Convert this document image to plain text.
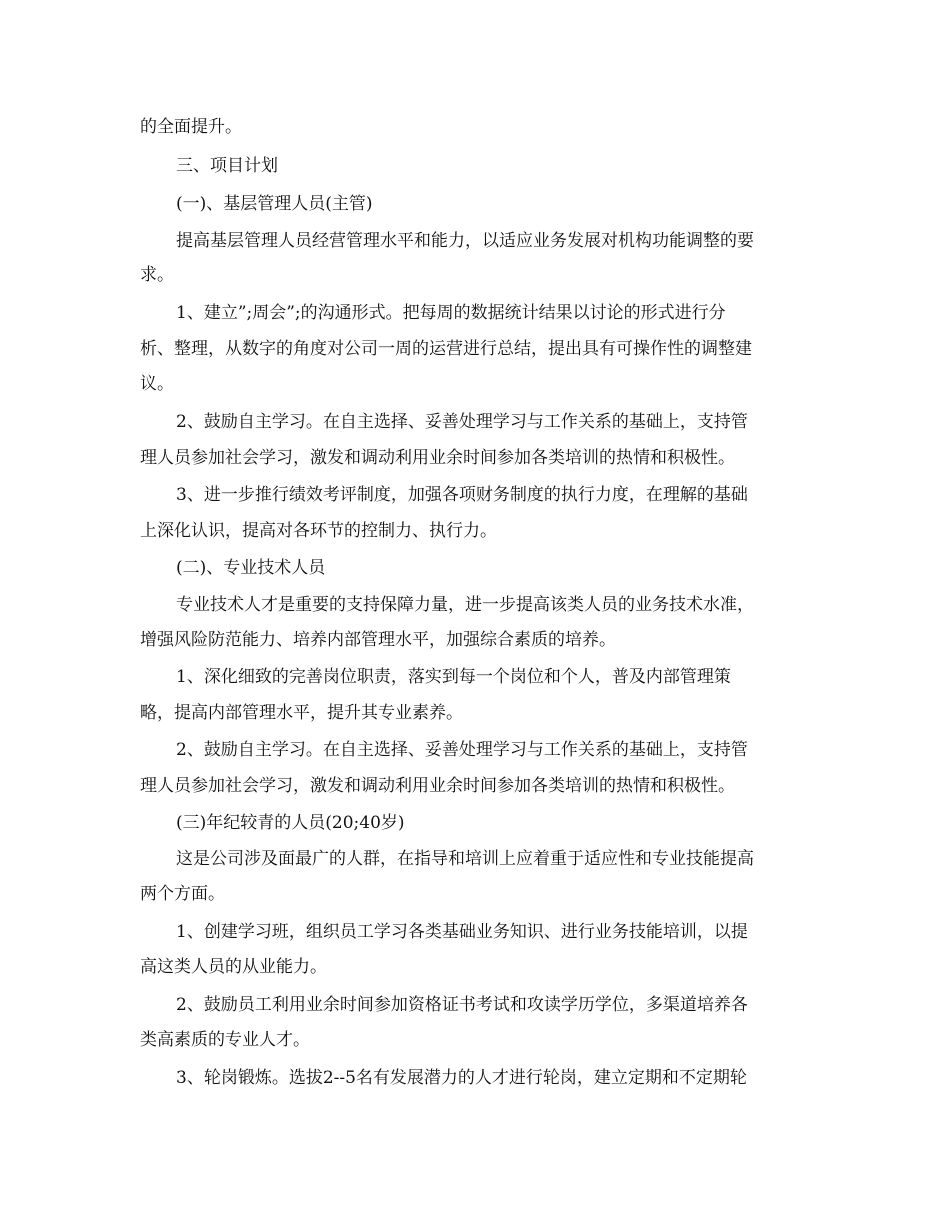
的全面提升。

三、项目计划

(一)、基层管理人员(主管)

提高基层管理人员经营管理水平和能力，以适应业务发展对机构功能调整的要

求。

1、建立”;周会”;的沟通形式。把每周的数据统计结果以讨论的形式进行分

析、整理，从数字的角度对公司一周的运营进行总结，提出具有可操作性的调整建

议。

2、鼓励自主学习。在自主选择、妥善处理学习与工作关系的基础上，支持管

理人员参加社会学习，激发和调动利用业余时间参加各类培训的热情和积极性。

3、进一步推行绩效考评制度，加强各项财务制度的执行力度，在理解的基础

上深化认识，提高对各环节的控制力、执行力。

(二)、专业技术人员

专业技术人才是重要的支持保障力量，进一步提高该类人员的业务技术水准，

增强风险防范能力、培养内部管理水平，加强综合素质的培养。

1、深化细致的完善岗位职责，落实到每一个岗位和个人，普及内部管理策

略，提高内部管理水平，提升其专业素养。

2、鼓励自主学习。在自主选择、妥善处理学习与工作关系的基础上，支持管

理人员参加社会学习，激发和调动利用业余时间参加各类培训的热情和积极性。

(三)年纪较青的人员(20;40岁)

这是公司涉及面最广的人群，在指导和培训上应着重于适应性和专业技能提高

两个方面。

1、创建学习班，组织员工学习各类基础业务知识、进行业务技能培训，以提

高这类人员的从业能力。

2、鼓励员工利用业余时间参加资格证书考试和攻读学历学位，多渠道培养各

类高素质的专业人才。

3、轮岗锻炼。选拔2--5名有发展潜力的人才进行轮岗，建立定期和不定期轮
